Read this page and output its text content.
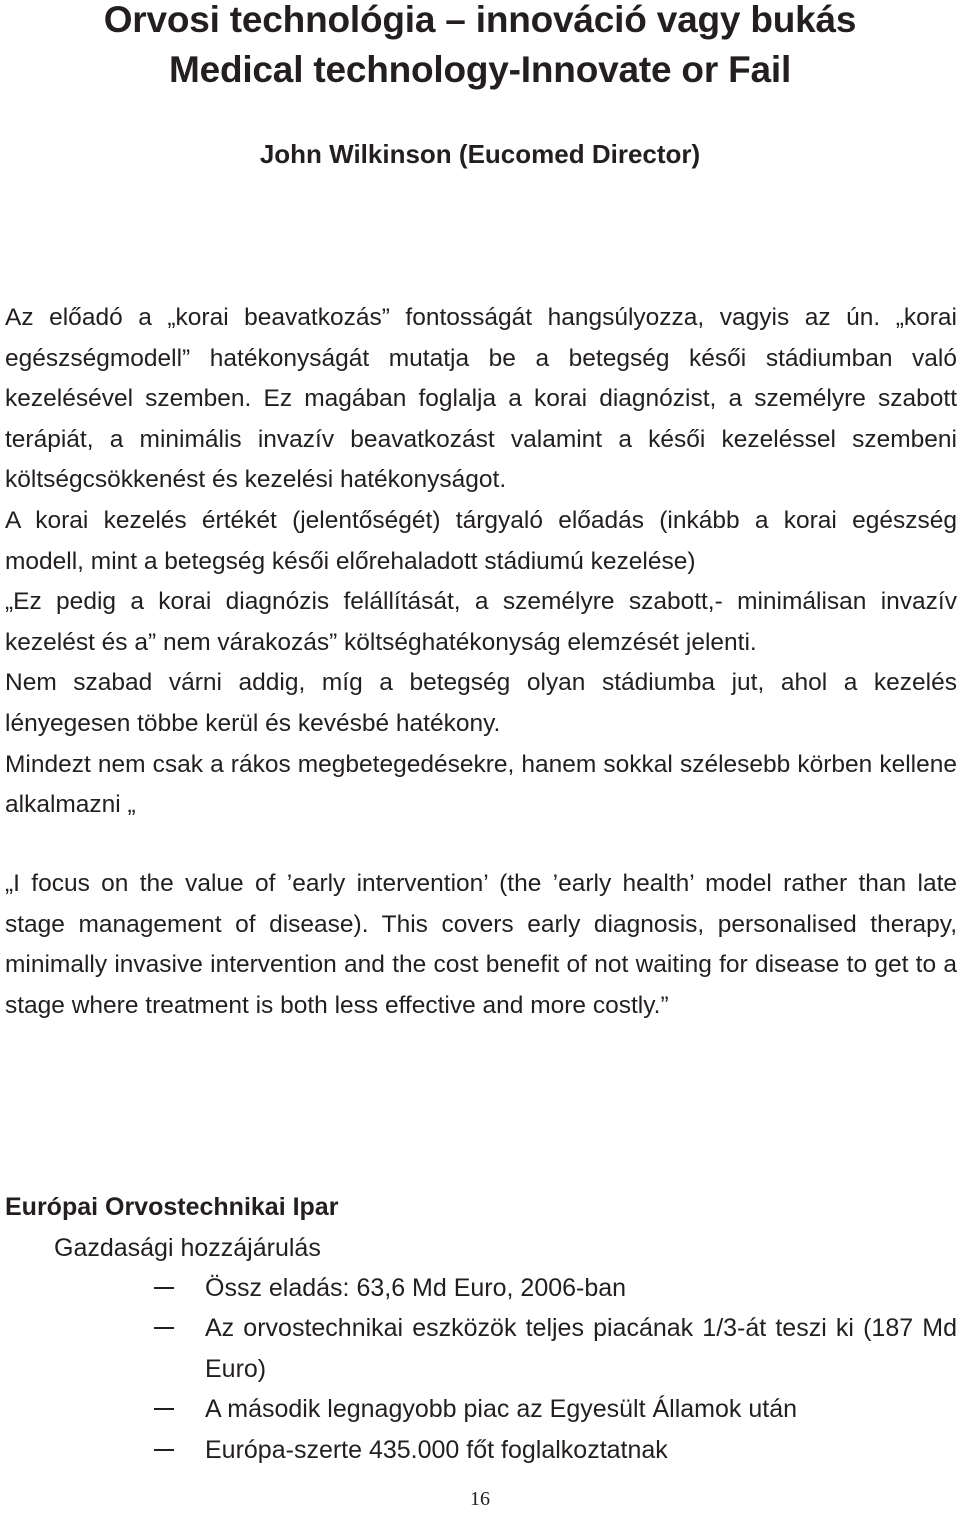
Orvosi technológia – innováció vagy bukás
Medical technology-Innovate or Fail
John Wilkinson (Eucomed Director)

Az előadó a „korai beavatkozás” fontosságát hangsúlyozza, vagyis az ún. „korai egészségmodell” hatékonyságát mutatja be a betegség késői stádiumban való kezelésével szemben. Ez magában foglalja a korai diagnózist, a személyre szabott terápiát, a minimális invazív beavatkozást valamint a késői kezeléssel szembeni költségcsökkenést és kezelési hatékonyságot.

A korai kezelés értékét (jelentőségét) tárgyaló előadás (inkább a korai egészség modell, mint a betegség késői előrehaladott stádiumú kezelése)

„Ez pedig a korai diagnózis felállítását, a személyre szabott,- minimálisan invazív kezelést és a” nem várakozás” költséghatékonyság elemzését jelenti.

Nem szabad várni addig, míg a betegség olyan stádiumba jut, ahol a kezelés lényegesen többe kerül és kevésbé hatékony.

Mindezt nem csak a rákos megbetegedésekre, hanem sokkal szélesebb körben kellene alkalmazni „

„I focus on the value of ’early intervention’ (the ’early health’ model rather than late stage management of disease). This covers early diagnosis, personalised therapy, minimally invasive intervention and the cost benefit of not waiting for disease to get to a stage where treatment is both less effective and more costly.”

Európai Orvostechnikai Ipar
Gazdasági hozzájárulás
Össz eladás: 63,6 Md Euro, 2006-ban
Az orvostechnikai eszközök teljes piacának 1/3-át teszi ki (187 Md Euro)
A második legnagyobb piac az Egyesült Államok után
Európa-szerte 435.000 főt foglalkoztatnak
16
